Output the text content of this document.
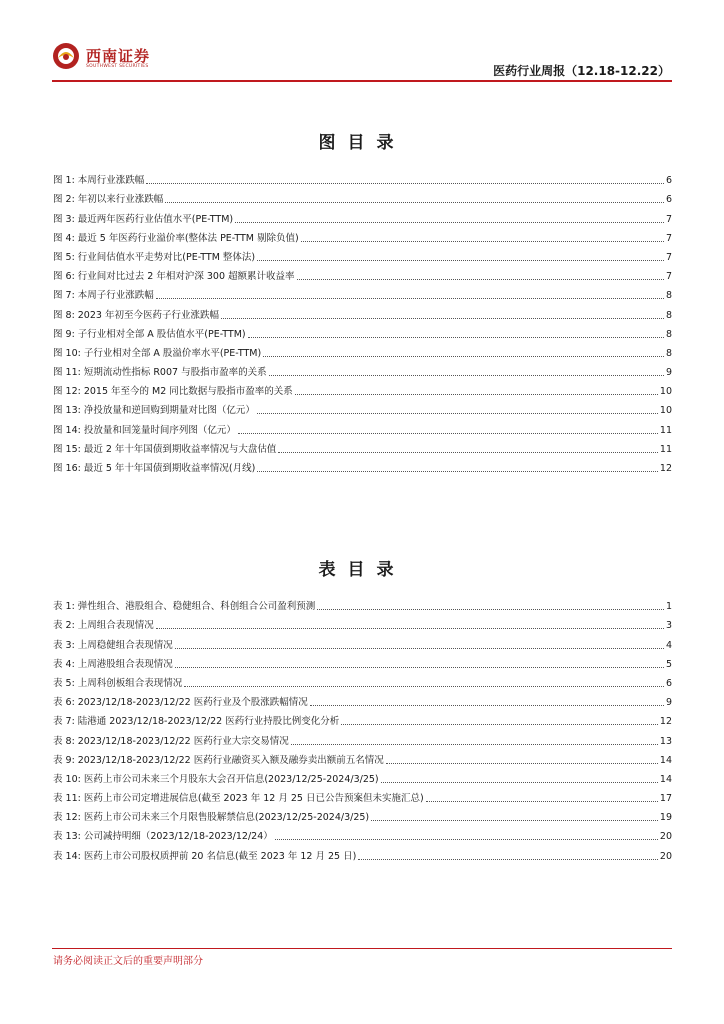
西南证券
SOUTHWEST SECURITIES	医药行业周报（12.18-12.22）
图目录
图 1: 本周行业涨跌幅	6
图 2: 年初以来行业涨跌幅	6
图 3: 最近两年医药行业估值水平(PE-TTM)	7
图 4: 最近 5 年医药行业溢价率(整体法 PE-TTM 剔除负值)	7
图 5: 行业间估值水平走势对比(PE-TTM 整体法)	7
图 6: 行业间对比过去 2 年相对沪深 300 超额累计收益率	7
图 7: 本周子行业涨跌幅	8
图 8: 2023 年初至今医药子行业涨跌幅	8
图 9: 子行业相对全部 A 股估值水平(PE-TTM)	8
图 10: 子行业相对全部 A 股溢价率水平(PE-TTM)	8
图 11: 短期流动性指标 R007 与股指市盈率的关系	9
图 12: 2015 年至今的 M2 同比数据与股指市盈率的关系	10
图 13: 净投放量和逆回购到期量对比图（亿元）	10
图 14: 投放量和回笼量时间序列图（亿元）	11
图 15: 最近 2 年十年国债到期收益率情况与大盘估值	11
图 16: 最近 5 年十年国债到期收益率情况(月线)	12
表目录
表 1: 弹性组合、港股组合、稳健组合、科创组合公司盈利预测	1
表 2: 上周组合表现情况	3
表 3: 上周稳健组合表现情况	4
表 4: 上周港股组合表现情况	5
表 5: 上周科创板组合表现情况	6
表 6: 2023/12/18-2023/12/22 医药行业及个股涨跌幅情况	9
表 7: 陆港通 2023/12/18-2023/12/22 医药行业持股比例变化分析	12
表 8: 2023/12/18-2023/12/22 医药行业大宗交易情况	13
表 9: 2023/12/18-2023/12/22 医药行业融资买入额及融券卖出额前五名情况	14
表 10: 医药上市公司未来三个月股东大会召开信息(2023/12/25-2024/3/25)	14
表 11: 医药上市公司定增进展信息(截至 2023 年 12 月 25 日已公告预案但未实施汇总)	17
表 12: 医药上市公司未来三个月限售股解禁信息(2023/12/25-2024/3/25)	19
表 13: 公司减持明细（2023/12/18-2023/12/24）	20
表 14: 医药上市公司股权质押前 20 名信息(截至 2023 年 12 月 25 日)	20
请务必阅读正文后的重要声明部分
